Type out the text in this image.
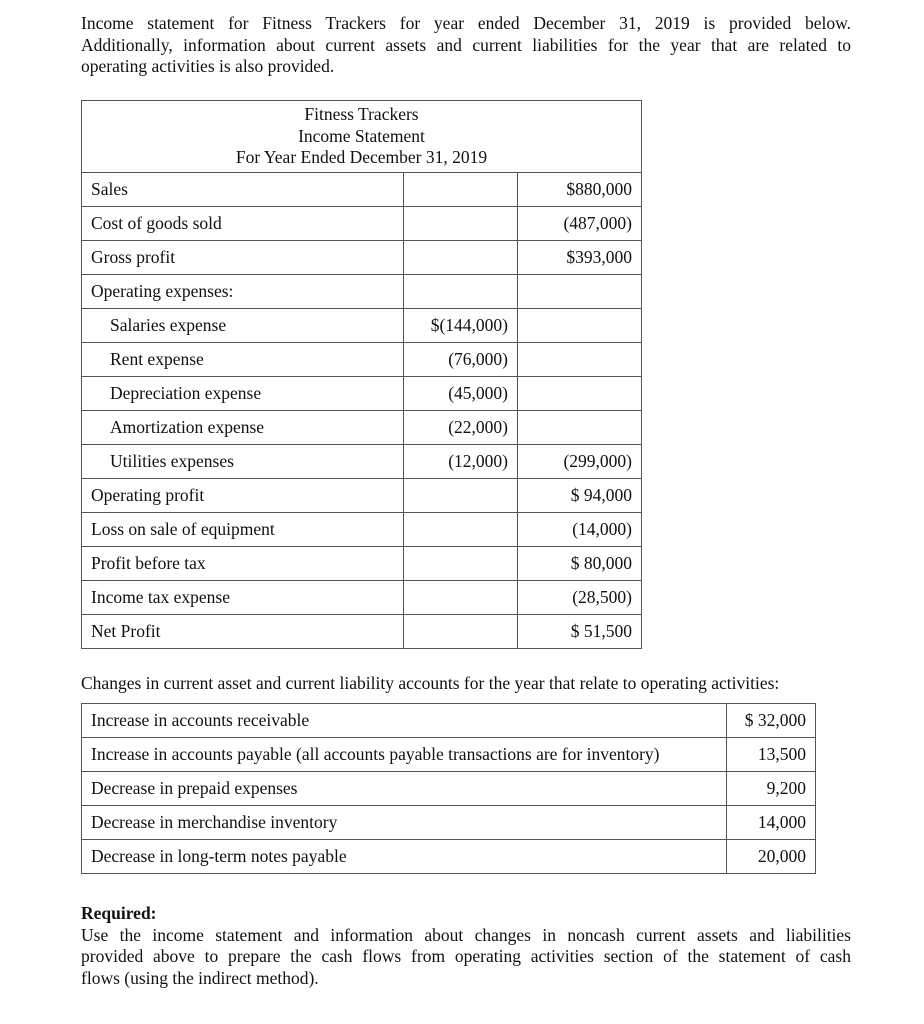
Income statement for Fitness Trackers for year ended December 31, 2019 is provided below.
Additionally, information about current assets and current liabilities for the year that are related to
operating activities is also provided.
Fitness Trackers
Income Statement
For Year Ended December 31, 2019		

Sales		$880,000
Cost of goods sold		(487,000)
Gross profit		$393,000
Operating expenses:		
Salaries expense	$(144,000)	
Rent expense	(76,000)	
Depreciation expense	(45,000)	
Amortization expense	(22,000)	
Utilities expenses	(12,000)	(299,000)
Operating profit		$ 94,000
Loss on sale of equipment		(14,000)
Profit before tax		$ 80,000
Income tax expense		(28,500)
Net Profit		$ 51,500
Changes in current asset and current liability accounts for the year that relate to operating activities:
Increase in accounts receivable	$ 32,000
Increase in accounts payable (all accounts payable transactions are for inventory)	13,500
Decrease in prepaid expenses	9,200
Decrease in merchandise inventory	14,000
Decrease in long-term notes payable	20,000
Required:
Use the income statement and information about changes in noncash current assets and liabilities
provided above to prepare the cash flows from operating activities section of the statement of cash
flows (using the indirect method).
